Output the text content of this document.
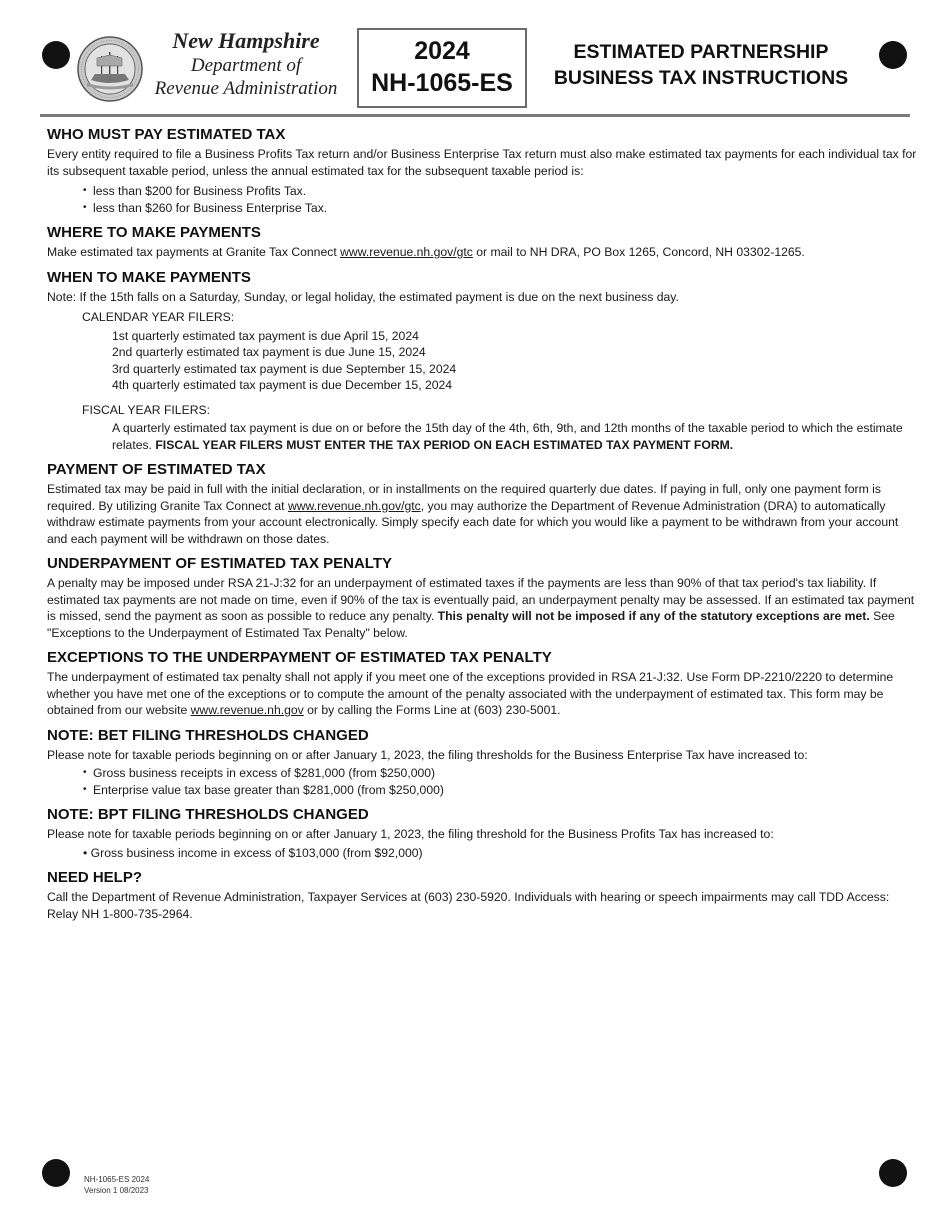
New Hampshire
Department of
Revenue Administration
2024
NH-1065-ES
ESTIMATED PARTNERSHIP
BUSINESS TAX INSTRUCTIONS
WHO MUST PAY ESTIMATED TAX

Every entity required to file a Business Profits Tax return and/or Business Enterprise Tax return must also make estimated tax payments for each individual tax for its subsequent taxable period, unless the annual estimated tax for the subsequent taxable period is:

• less than $200 for Business Profits Tax.
• less than $260 for Business Enterprise Tax.
WHERE TO MAKE PAYMENTS

Make estimated tax payments at Granite Tax Connect www.revenue.nh.gov/gtc or mail to NH DRA, PO Box 1265, Concord, NH 03302-1265.

WHEN TO MAKE PAYMENTS

Note: If the 15th falls on a Saturday, Sunday, or legal holiday, the estimated payment is due on the next business day.

CALENDAR YEAR FILERS:
1st quarterly estimated tax payment is due April 15, 2024
2nd quarterly estimated tax payment is due June 15, 2024
3rd quarterly estimated tax payment is due September 15, 2024
4th quarterly estimated tax payment is due December 15, 2024
FISCAL YEAR FILERS:
A quarterly estimated tax payment is due on or before the 15th day of the 4th, 6th, 9th, and 12th months of the taxable period to which the estimate relates. FISCAL YEAR FILERS MUST ENTER THE TAX PERIOD ON EACH ESTIMATED TAX PAYMENT FORM.
PAYMENT OF ESTIMATED TAX

Estimated tax may be paid in full with the initial declaration, or in installments on the required quarterly due dates. If paying in full, only one payment form is required. By utilizing Granite Tax Connect at www.revenue.nh.gov/gtc, you may authorize the Department of Revenue Administration (DRA) to automatically withdraw estimate payments from your account electronically. Simply specify each date for which you would like a payment to be withdrawn from your account and each payment will be withdrawn on those dates.

UNDERPAYMENT OF ESTIMATED TAX PENALTY

A penalty may be imposed under RSA 21-J:32 for an underpayment of estimated taxes if the payments are less than 90% of that tax period's tax liability. If estimated tax payments are not made on time, even if 90% of the tax is eventually paid, an underpayment penalty may be assessed. If an estimated tax payment is missed, send the payment as soon as possible to reduce any penalty. This penalty will not be imposed if any of the statutory exceptions are met. See "Exceptions to the Underpayment of Estimated Tax Penalty" below.

EXCEPTIONS TO THE UNDERPAYMENT OF ESTIMATED TAX PENALTY

The underpayment of estimated tax penalty shall not apply if you meet one of the exceptions provided in RSA 21-J:32. Use Form DP-2210/2220 to determine whether you have met one of the exceptions or to compute the amount of the penalty associated with the underpayment of estimated tax. This form may be obtained from our website www.revenue.nh.gov or by calling the Forms Line at (603) 230-5001.

NOTE: BET FILING THRESHOLDS CHANGED

Please note for taxable periods beginning on or after January 1, 2023, the filing thresholds for the Business Enterprise Tax have increased to:

• Gross business receipts in excess of $281,000 (from $250,000)
• Enterprise value tax base greater than $281,000 (from $250,000)
NOTE: BPT FILING THRESHOLDS CHANGED

Please note for taxable periods beginning on or after January 1, 2023, the filing threshold for the Business Profits Tax has increased to:

• Gross business income in excess of $103,000 (from $92,000)

NEED HELP?

Call the Department of Revenue Administration, Taxpayer Services at (603) 230-5920. Individuals with hearing or speech impairments may call TDD Access: Relay NH 1-800-735-2964.

NH-1065-ES 2024
Version 1 08/2023
